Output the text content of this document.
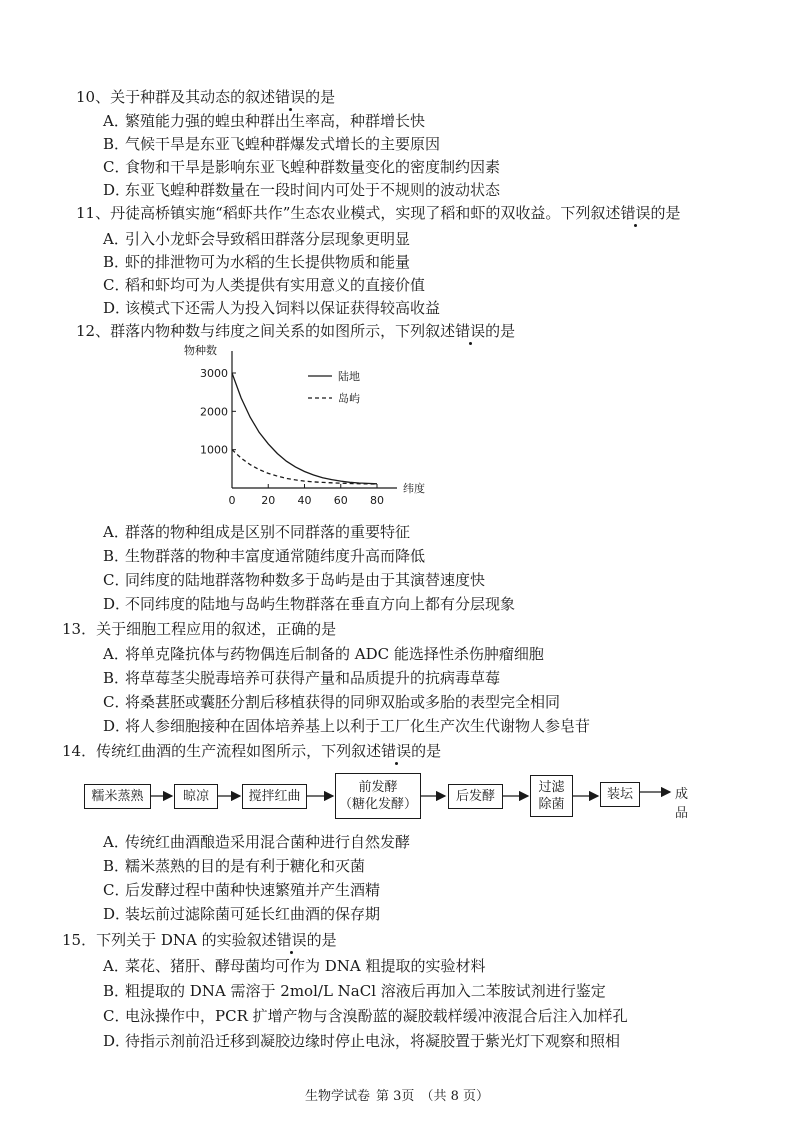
10、关于种群及其动态的叙述错误的是
A．繁殖能力强的蝗虫种群出生率高，种群增长快
B．气候干旱是东亚飞蝗种群爆发式增长的主要原因
C．食物和干旱是影响东亚飞蝗种群数量变化的密度制约因素
D．东亚飞蝗种群数量在一段时间内可处于不规则的波动状态
11、丹徒高桥镇实施“稻虾共作”生态农业模式，实现了稻和虾的双收益。下列叙述错误的是
A．引入小龙虾会导致稻田群落分层现象更明显
B．虾的排泄物可为水稻的生长提供物质和能量
C．稻和虾均可为人类提供有实用意义的直接价值
D．该模式下还需人为投入饲料以保证获得较高收益
12、群落内物种数与纬度之间关系的如图所示，下列叙述错误的是
物种数
纬度
0 20 40 60 80
1000
2000
3000	陆地
岛屿
A．群落的物种组成是区别不同群落的重要特征
B．生物群落的物种丰富度通常随纬度升高而降低
C．同纬度的陆地群落物种数多于岛屿是由于其演替速度快
D．不同纬度的陆地与岛屿生物群落在垂直方向上都有分层现象
13．关于细胞工程应用的叙述，正确的是
A．将单克隆抗体与药物偶连后制备的 ADC 能选择性杀伤肿瘤细胞
B．将草莓茎尖脱毒培养可获得产量和品质提升的抗病毒草莓
C．将桑葚胚或囊胚分割后移植获得的同卵双胎或多胎的表型完全相同
D．将人参细胞接种在固体培养基上以利于工厂化生产次生代谢物人参皂苷
14．传统红曲酒的生产流程如图所示，下列叙述错误的是
糯米蒸熟	晾凉	搅拌红曲
前发酵
（糖化发酵）
后发酵
过滤
除菌
装坛	成品
A．传统红曲酒酿造采用混合菌种进行自然发酵
B．糯米蒸熟的目的是有利于糖化和灭菌
C．后发酵过程中菌种快速繁殖并产生酒精
D．装坛前过滤除菌可延长红曲酒的保存期
15．下列关于 DNA 的实验叙述错误的是
A．菜花、猪肝、酵母菌均可作为 DNA 粗提取的实验材料
B．粗提取的 DNA 需溶于 2mol/L NaCl 溶液后再加入二苯胺试剂进行鉴定
C．电泳操作中，PCR 扩增产物与含溴酚蓝的凝胶载样缓冲液混合后注入加样孔
D．待指示剂前沿迁移到凝胶边缘时停止电泳，将凝胶置于紫光灯下观察和照相
生物学试卷 第 3页 （共 8 页）
